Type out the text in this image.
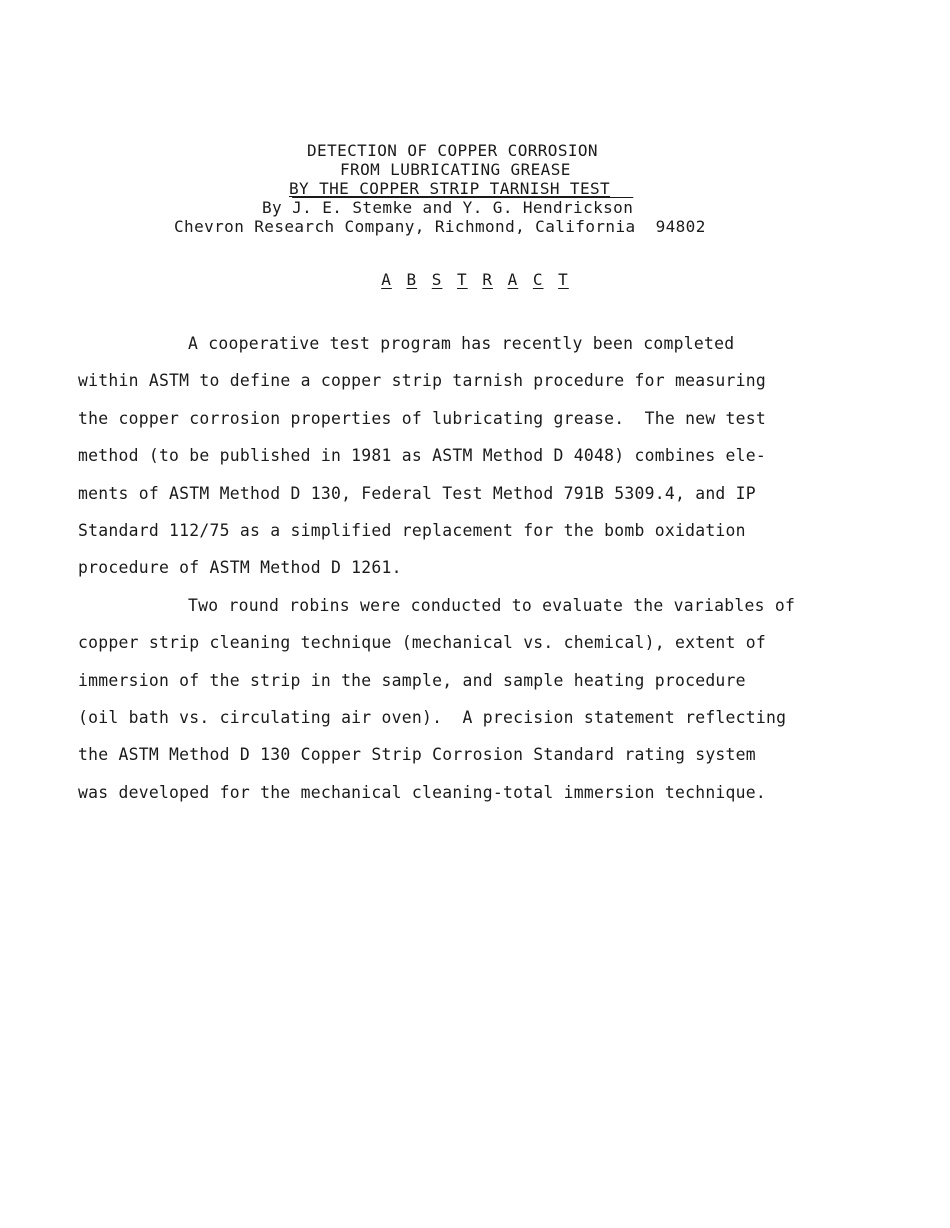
DETECTION OF COPPER CORROSION
FROM LUBRICATING GREASE
BY THE COPPER STRIP TARNISH TEST
By J. E. Stemke and Y. G. Hendrickson
Chevron Research Company, Richmond, California  94802
A B S T R A C T
A cooperative test program has recently been completed
within ASTM to define a copper strip tarnish procedure for measuring
the copper corrosion properties of lubricating grease.  The new test
method (to be published in 1981 as ASTM Method D 4048) combines ele-
ments of ASTM Method D 130, Federal Test Method 791B 5309.4, and IP
Standard 112/75 as a simplified replacement for the bomb oxidation
procedure of ASTM Method D 1261.
Two round robins were conducted to evaluate the variables of
copper strip cleaning technique (mechanical vs. chemical), extent of
immersion of the strip in the sample, and sample heating procedure
(oil bath vs. circulating air oven).  A precision statement reflecting
the ASTM Method D 130 Copper Strip Corrosion Standard rating system
was developed for the mechanical cleaning-total immersion technique.
